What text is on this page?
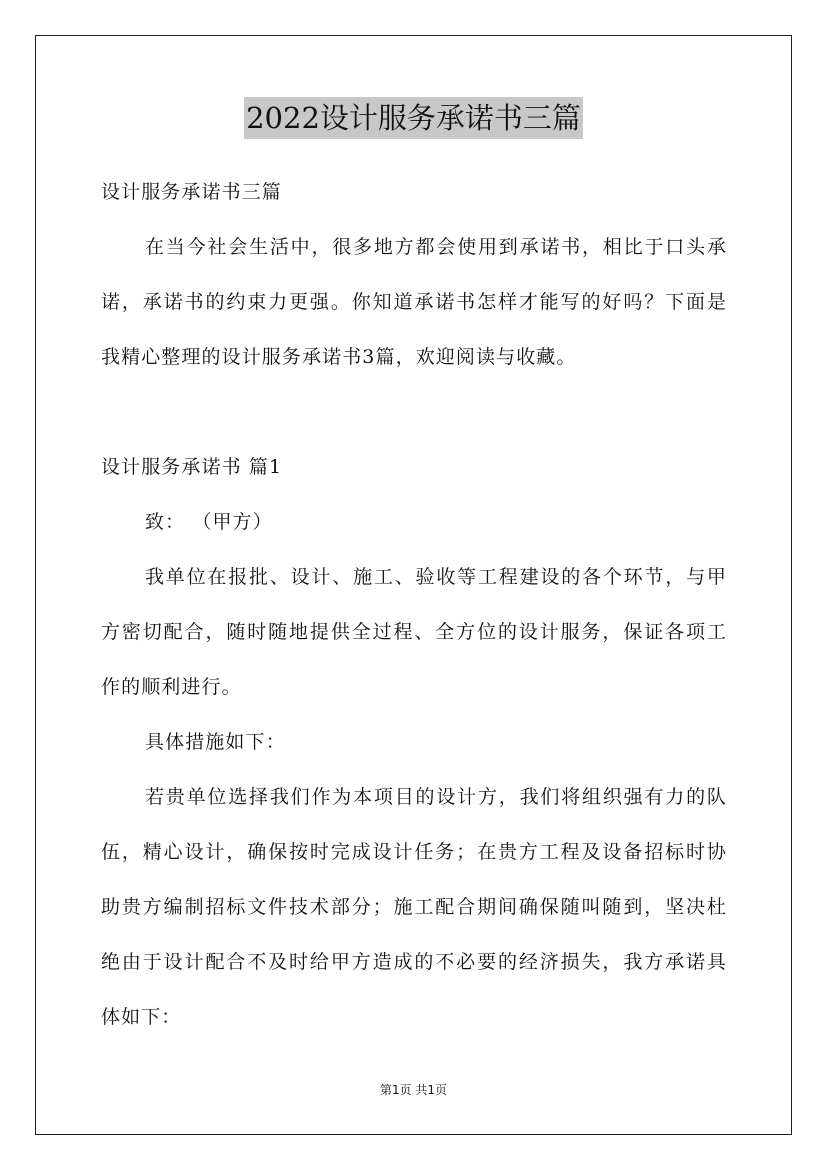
2022设计服务承诺书三篇
设计服务承诺书三篇
在当今社会生活中，很多地方都会使用到承诺书，相比于口头承
诺，承诺书的约束力更强。你知道承诺书怎样才能写的好吗？下面是
我精心整理的设计服务承诺书3篇，欢迎阅读与收藏。
设计服务承诺书 篇1
致： （甲方）
我单位在报批、设计、施工、验收等工程建设的各个环节，与甲
方密切配合，随时随地提供全过程、全方位的设计服务，保证各项工
作的顺利进行。
具体措施如下：
若贵单位选择我们作为本项目的设计方，我们将组织强有力的队
伍，精心设计，确保按时完成设计任务；在贵方工程及设备招标时协
助贵方编制招标文件技术部分；施工配合期间确保随叫随到，坚决杜
绝由于设计配合不及时给甲方造成的不必要的经济损失，我方承诺具
体如下：
第1页 共1页
